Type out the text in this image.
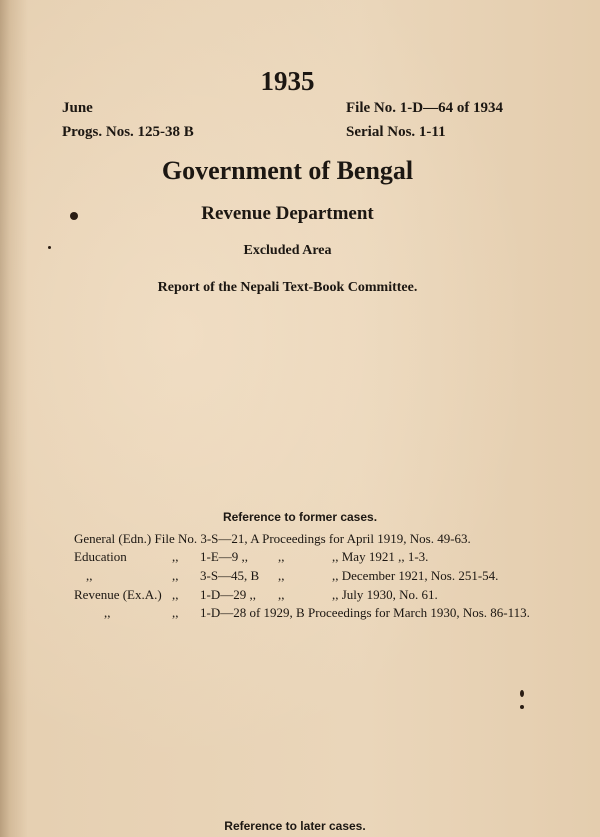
1935
June
Progs. Nos. 125-38 B
File No. 1-D—64 of 1934
Serial Nos. 1-11
Government of Bengal
Revenue Department
Excluded Area
Report of the Nepali Text-Book Committee.
Reference to former cases.
General (Edn.) File No. 3-S—21, A Proceedings for April 1919, Nos. 49-63.
Education	,, 1-E—9 ,, ,,	,, May 1921 ,, 1-3.
,,	,, 3-S—45, B ,,	,, December 1921, Nos. 251-54.
Revenue (Ex.A.) ,, 1-D—29 ,, ,,	,, July 1930, No. 61.
,,	,, 1-D—28 of 1929, B Proceedings for March 1930, Nos. 86-113.
Reference to later cases.
